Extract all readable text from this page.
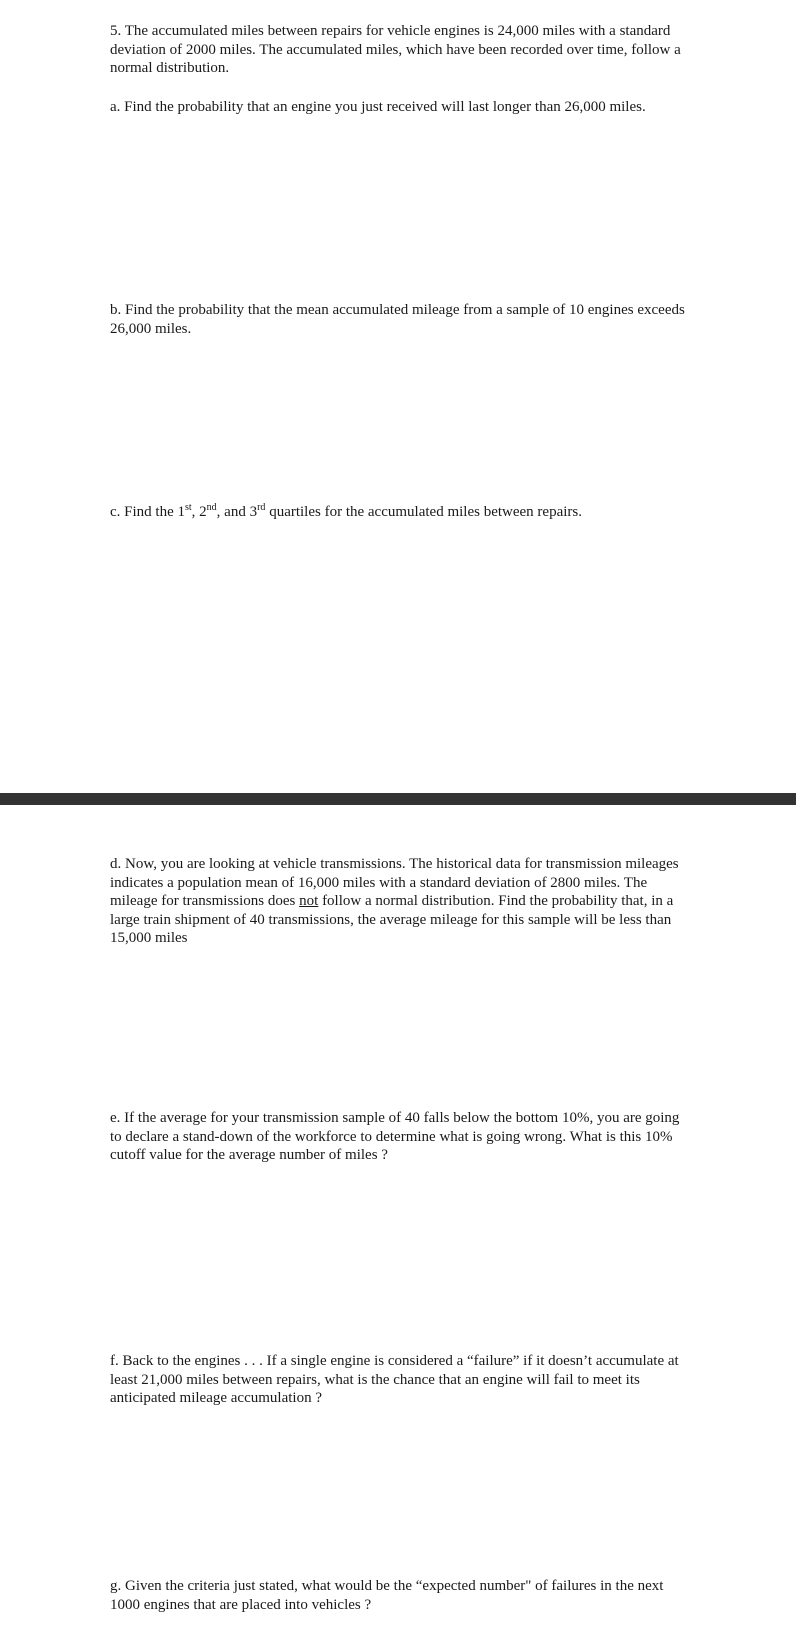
5. The accumulated miles between repairs for vehicle engines is 24,000 miles with a standard deviation of 2000 miles. The accumulated miles, which have been recorded over time, follow a normal distribution.

a. Find the probability that an engine you just received will last longer than 26,000 miles.

b. Find the probability that the mean accumulated mileage from a sample of 10 engines exceeds 26,000 miles.

c. Find the 1st, 2nd, and 3rd quartiles for the accumulated miles between repairs.

d. Now, you are looking at vehicle transmissions. The historical data for transmission mileages indicates a population mean of 16,000 miles with a standard deviation of 2800 miles. The mileage for transmissions does not follow a normal distribution. Find the probability that, in a large train shipment of 40 transmissions, the average mileage for this sample will be less than 15,000 miles

e. If the average for your transmission sample of 40 falls below the bottom 10%, you are going to declare a stand-down of the workforce to determine what is going wrong. What is this 10% cutoff value for the average number of miles ?

f. Back to the engines . . . If a single engine is considered a “failure” if it doesn’t accumulate at least 21,000 miles between repairs, what is the chance that an engine will fail to meet its anticipated mileage accumulation ?

g. Given the criteria just stated, what would be the “expected number" of failures in the next 1000 engines that are placed into vehicles ?
